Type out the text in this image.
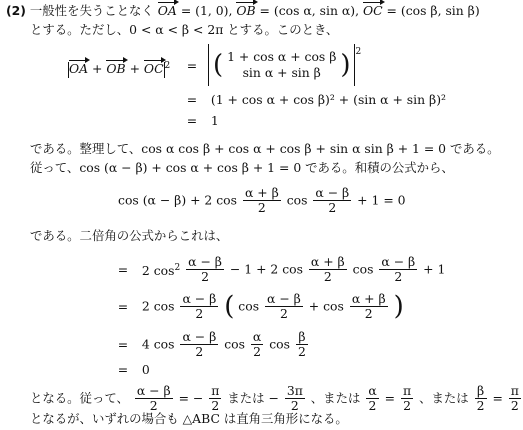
(2) 一般性を失うことなく OA = (1, 0), OB = (cos α, sin α), OC = (cos β, sin β)
とする。ただし、0 < α < β < 2π とする。このとき、
OA + OB + $OC^2$	= ( 1 + cos α + cos β
sin α + sin β ) $^2$
= (1 + cos α + cos β)² + (sin α + sin β)²
= 1
である。整理して、cos α cos β + cos α + cos β + sin α sin β + 1 = 0 である。
従って、cos (α − β) + cos α + cos β + 1 = 0 である。和積の公式から、
cos (α − β) + 2 $\cos \frac{\alpha + \beta}{2}$ $\cos \frac{\alpha - \beta}{2} + 1 = 0$
である。二倍角の公式からこれは、
= 2 $\cos^2 \frac{\alpha - \beta}{2} - 1 + 2$ $\cos \frac{\alpha + \beta}{2}$ $\cos \frac{\alpha - \beta}{2} + 1$
= 2 $\cos \frac{\alpha - \beta}{2}$ ( $\cos \frac{\alpha - \beta}{2} + \cos \frac{\alpha + \beta}{2}$ )
= 4 $\cos \frac{\alpha - \beta}{2}$ $\cos \frac{\alpha}{2}$ $\cos \frac{\beta}{2}$
=  0
となる。従って、 $\frac{\alpha - \beta}{2}$ = − $\frac{\pi}{2}$ または − $\frac{3\pi}{2}$ 、または $\frac{\alpha}{2} = \frac{\pi}{2}$ 、または $\frac{\beta}{2} = \frac{\pi}{2}$
となるが、いずれの場合も △ABC は直角三角形になる。
